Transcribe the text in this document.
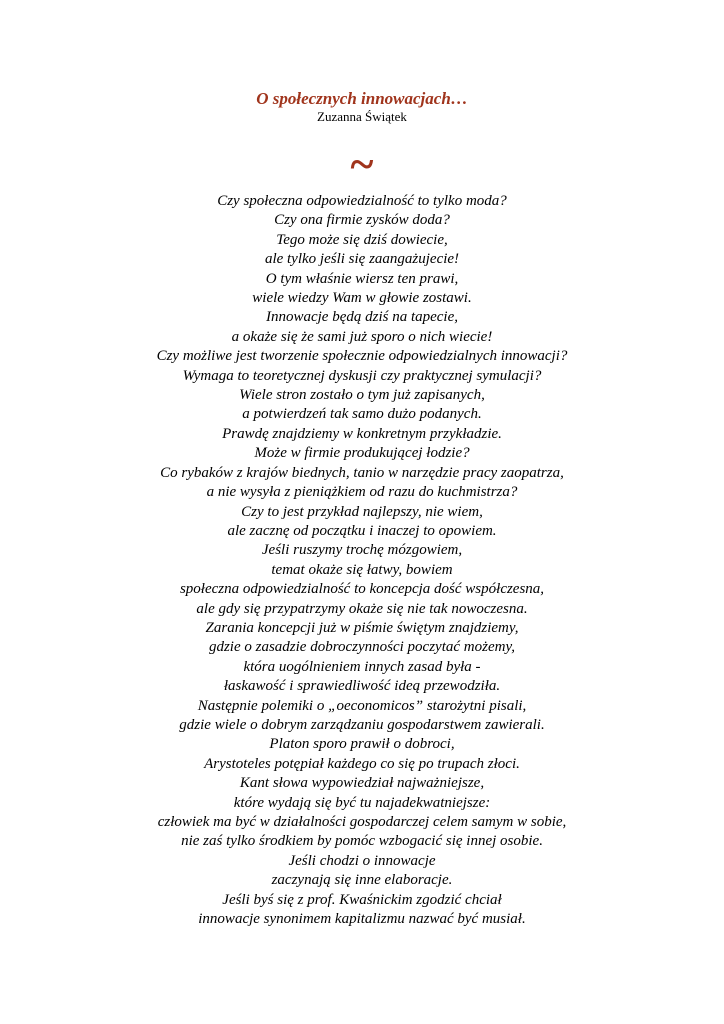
O społecznych innowacjach…
Zuzanna Świątek
~
Czy społeczna odpowiedzialność to tylko moda?
Czy ona firmie zysków doda?
Tego może się dziś dowiecie,
ale tylko jeśli się zaangażujecie!
O tym właśnie wiersz ten prawi,
wiele wiedzy Wam w głowie zostawi.
Innowacje będą dziś na tapecie,
a okaże się że sami już sporo o nich wiecie!
Czy możliwe jest tworzenie społecznie odpowiedzialnych innowacji?
Wymaga to teoretycznej dyskusji czy praktycznej symulacji?
Wiele stron zostało o tym już zapisanych,
a potwierdzeń tak samo dużo podanych.
Prawdę znajdziemy w konkretnym przykładzie.
Może w firmie produkującej łodzie?
Co rybaków z krajów biednych, tanio w narzędzie pracy zaopatrza,
a nie wysyła z pieniążkiem od razu do kuchmistrza?
Czy to jest przykład najlepszy, nie wiem,
ale zacznę od początku i inaczej to opowiem.
Jeśli ruszymy trochę mózgowiem,
temat okaże się łatwy, bowiem
społeczna odpowiedzialność to koncepcja dość współczesna,
ale gdy się przypatrzymy okaże się nie tak nowoczesna.
Zarania koncepcji już w piśmie świętym znajdziemy,
gdzie o zasadzie dobroczynności poczytać możemy,
która uogólnieniem innych zasad była -
łaskawość i sprawiedliwość ideą przewodziła.
Następnie polemiki o „oeconomicos” starożytni pisali,
gdzie wiele o dobrym zarządzaniu gospodarstwem zawierali.
Platon sporo prawił o dobroci,
Arystoteles potępiał każdego co się po trupach złoci.
Kant słowa wypowiedział najważniejsze,
które wydają się być tu najadekwatniejsze:
człowiek ma być w działalności gospodarczej celem samym w sobie,
nie zaś tylko środkiem by pomóc wzbogacić się innej osobie.
Jeśli chodzi o innowacje
zaczynają się inne elaboracje.
Jeśli byś się z prof. Kwaśnickim zgodzić chciał
innowacje synonimem kapitalizmu nazwać być musiał.
